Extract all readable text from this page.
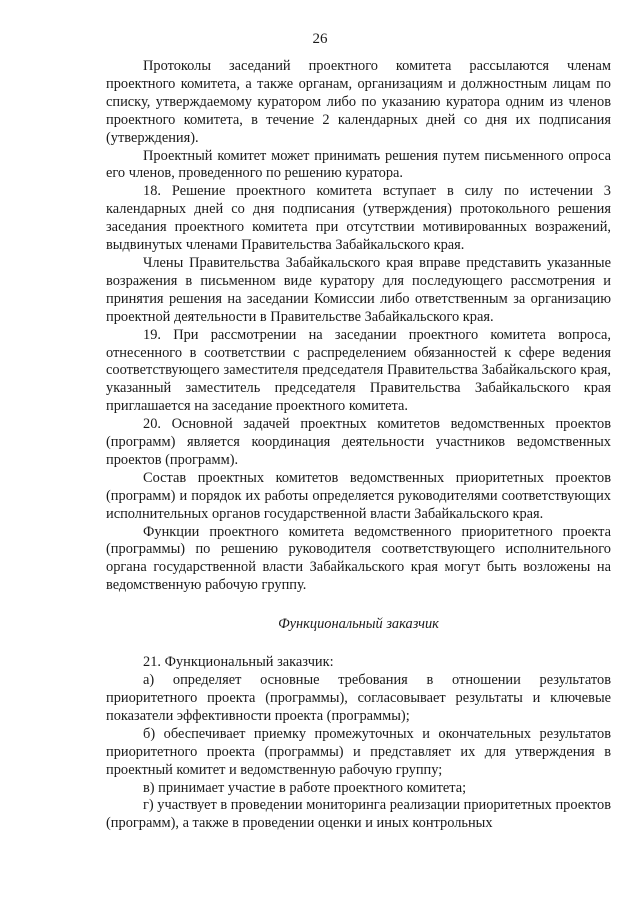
26

Протоколы заседаний проектного комитета рассылаются членам проектного комитета, а также органам, организациям и должностным лицам по списку, утверждаемому куратором либо по указанию куратора одним из членов проектного комитета, в течение 2 календарных дней со дня их подписания (утверждения).

Проектный комитет может принимать решения путем письменного опроса его членов, проведенного по решению куратора.

18. Решение проектного комитета вступает в силу по истечении 3 календарных дней со дня подписания (утверждения) протокольного решения заседания проектного комитета при отсутствии мотивированных возражений, выдвинутых членами Правительства Забайкальского края.

Члены Правительства Забайкальского края вправе представить указанные возражения в письменном виде куратору для последующего рассмотрения и принятия решения на заседании Комиссии либо ответственным за организацию проектной деятельности в Правительстве Забайкальского края.

19. При рассмотрении на заседании проектного комитета вопроса, отнесенного в соответствии с распределением обязанностей к сфере ведения соответствующего заместителя председателя Правительства Забайкальского края, указанный заместитель председателя Правительства Забайкальского края приглашается на заседание проектного комитета.

20. Основной задачей проектных комитетов ведомственных проектов (программ) является координация деятельности участников ведомственных проектов (программ).

Состав проектных комитетов ведомственных приоритетных проектов (программ) и порядок их работы определяется руководителями соответствующих исполнительных органов государственной власти Забайкальского края.

Функции проектного комитета ведомственного приоритетного проекта (программы) по решению руководителя соответствующего исполнительного органа государственной власти Забайкальского края могут быть возложены на ведомственную рабочую группу.

Функциональный заказчик

21. Функциональный заказчик:

а) определяет основные требования в отношении результатов приоритетного проекта (программы), согласовывает результаты и ключевые показатели эффективности проекта (программы);

б) обеспечивает приемку промежуточных и окончательных результатов приоритетного проекта (программы) и представляет их для утверждения в проектный комитет и ведомственную рабочую группу;

в) принимает участие в работе проектного комитета;

г) участвует в проведении мониторинга реализации приоритетных проектов (программ), а также в проведении оценки и иных контрольных
